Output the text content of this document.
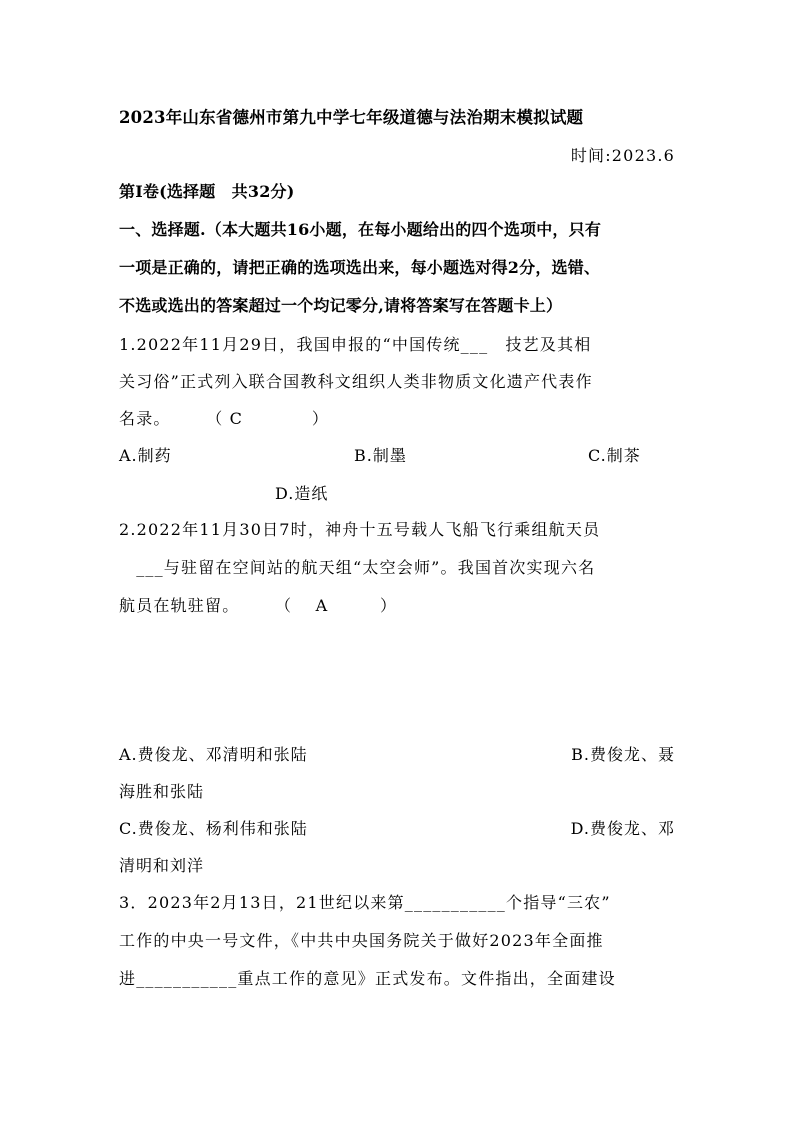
2023年山东省德州市第九中学七年级道德与法治期末模拟试题
时间:2023.6
第Ⅰ卷(选择题　共32分)
一、选择题.（本大题共16小题，在每小题给出的四个选项中，只有
一项是正确的，请把正确的选项选出来，每小题选对得2分，选错、
不选或选出的答案超过一个均记零分,请将答案写在答题卡上）
1.2022年11月29日，我国申报的“中国传统___　技艺及其相
关习俗”正式列入联合国教科文组织人类非物质文化遗产代表作
名录。　　　（ C　　　　）
A.制药	B.制墨	C.制茶
D.造纸
2.2022年11月30日7时，神舟十五号载人飞船飞行乘组航天员
　___与驻留在空间站的航天组“太空会师”。我国首次实现六名
航员在轨驻留。　　　（　 A　　　）
A.费俊龙、邓清明和张陆	B.费俊龙、聂
海胜和张陆
C.费俊龙、杨利伟和张陆	D.费俊龙、邓
清明和刘洋
3．2023年2月13日，21世纪以来第___________个指导“三农”
工作的中央一号文件，《中共中央国务院关于做好2023年全面推
进___________重点工作的意见》正式发布。文件指出，全面建设
